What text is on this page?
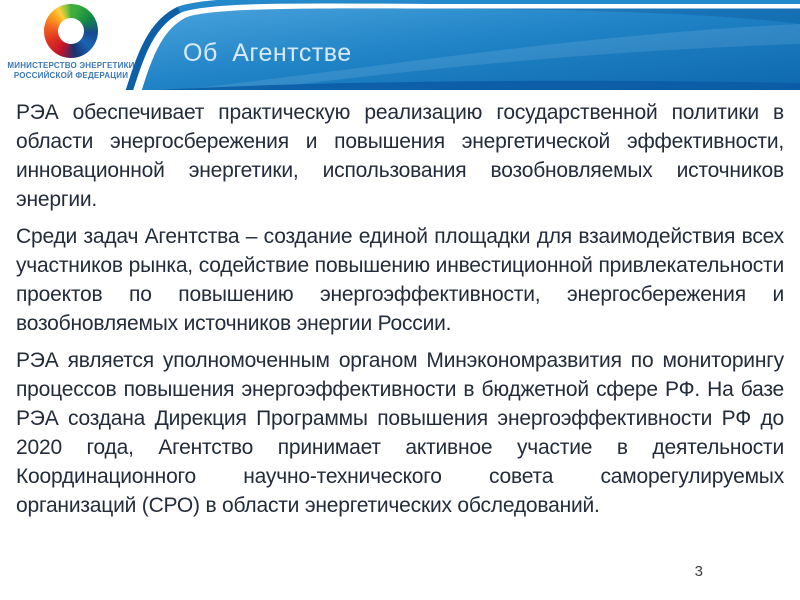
МИНИСТЕРСТВО ЭНЕРГЕТИКИ
РОССИЙСКОЙ ФЕДЕРАЦИИ
Об Агентстве

РЭА обеспечивает практическую реализацию государственной политики в области энергосбережения и повышения энергетической эффективности, инновационной энергетики, использования возобновляемых источников энергии.

Среди задач Агентства – создание единой площадки для взаимодействия всех участников рынка, содействие повышению инвестиционной привлекательности проектов по повышению энергоэффективности, энергосбережения и возобновляемых источников энергии России.

РЭА является уполномоченным органом Минэкономразвития по мониторингу процессов повышения энергоэффективности в бюджетной сфере РФ. На базе РЭА создана Дирекция Программы повышения энергоэффективности РФ до 2020 года, Агентство принимает активное участие в деятельности Координационного научно-технического совета саморегулируемых организаций (СРО) в области энергетических обследований.

3
